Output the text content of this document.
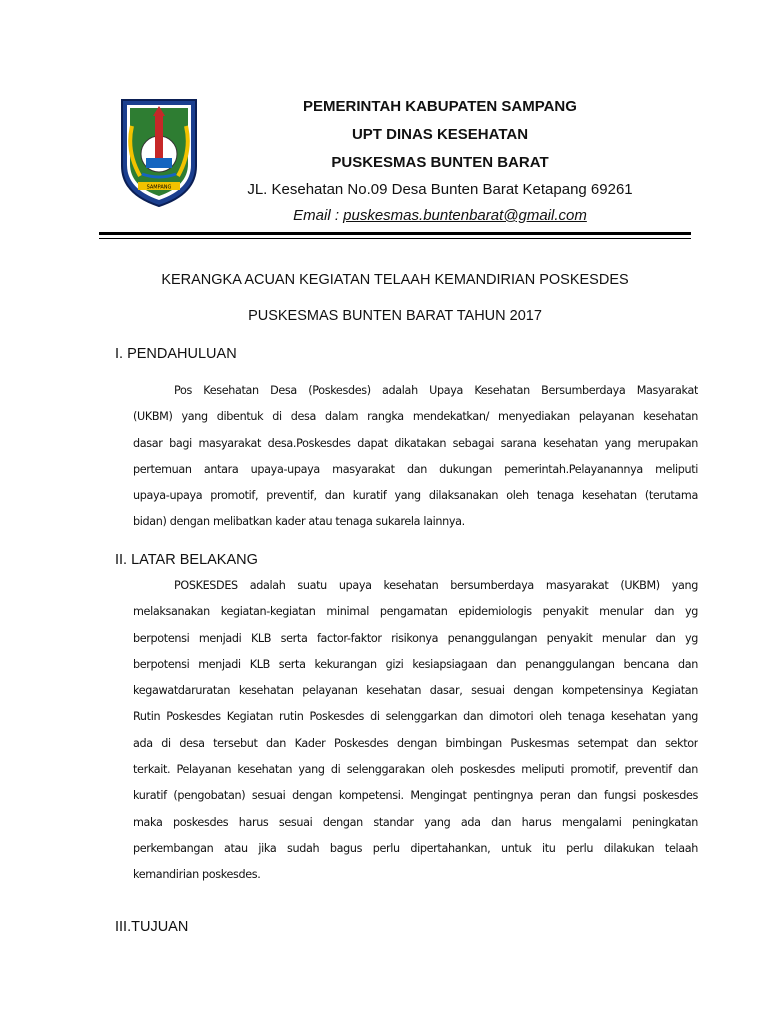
SAMPANG
PEMERINTAH KABUPATEN SAMPANG
UPT DINAS KESEHATAN
PUSKESMAS BUNTEN BARAT
JL. Kesehatan No.09 Desa Bunten Barat Ketapang 69261
Email : puskesmas.buntenbarat@gmail.com
KERANGKA ACUAN KEGIATAN TELAAH KEMANDIRIAN POSKESDES
PUSKESMAS BUNTEN BARAT TAHUN 2017
I. PENDAHULUAN

Pos Kesehatan Desa (Poskesdes) adalah Upaya Kesehatan Bersumberdaya Masyarakat
(UKBM) yang dibentuk di desa dalam rangka mendekatkan/ menyediakan pelayanan kesehatan
dasar bagi masyarakat desa.Poskesdes dapat dikatakan sebagai sarana kesehatan yang merupakan
pertemuan antara upaya-upaya masyarakat dan dukungan pemerintah.Pelayanannya meliputi
upaya-upaya promotif, preventif, dan kuratif yang dilaksanakan oleh tenaga kesehatan (terutama
bidan) dengan melibatkan kader atau tenaga sukarela lainnya.

II. LATAR BELAKANG

POSKESDES adalah suatu upaya kesehatan bersumberdaya masyarakat (UKBM) yang
melaksanakan kegiatan-kegiatan minimal pengamatan epidemiologis penyakit menular dan yg
berpotensi menjadi KLB serta factor-faktor risikonya penanggulangan penyakit menular dan yg
berpotensi menjadi KLB serta kekurangan gizi kesiapsiagaan dan penanggulangan bencana dan
kegawatdaruratan kesehatan pelayanan kesehatan dasar, sesuai dengan kompetensinya Kegiatan
Rutin Poskesdes Kegiatan rutin Poskesdes di selenggarkan dan dimotori oleh tenaga kesehatan yang
ada di desa tersebut dan Kader Poskesdes dengan bimbingan Puskesmas setempat dan sektor
terkait. Pelayanan kesehatan yang di selenggarakan oleh poskesdes meliputi promotif, preventif dan
kuratif (pengobatan) sesuai dengan kompetensi. Mengingat pentingnya peran dan fungsi poskesdes
maka poskesdes harus sesuai dengan standar yang ada dan harus mengalami peningkatan
perkembangan atau jika sudah bagus perlu dipertahankan, untuk itu perlu dilakukan telaah
kemandirian poskesdes.

III.TUJUAN
